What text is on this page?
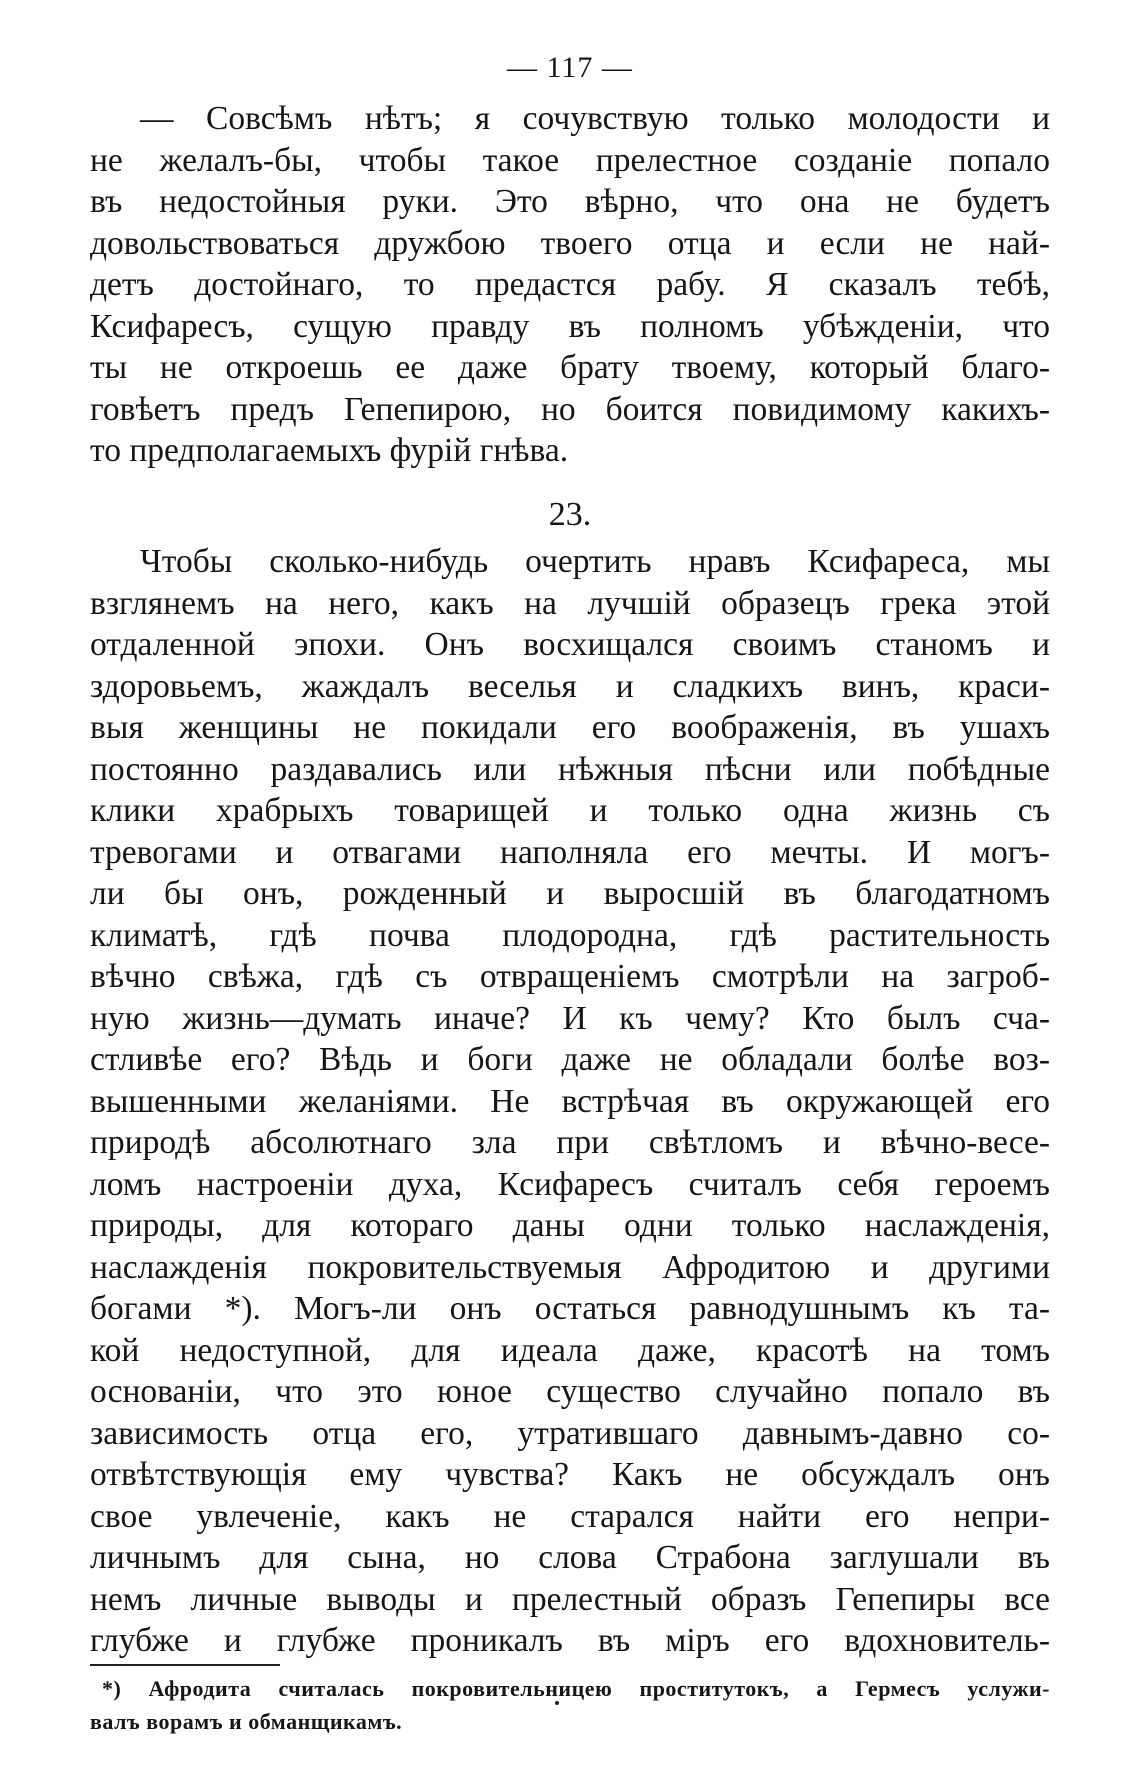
— 117 —
— Совсѣмъ нѣтъ; я сочувствую только молодости и
не желалъ-бы, чтобы такое прелестное созданіе попало
въ недостойныя руки. Это вѣрно, что она не будетъ
довольствоваться дружбою твоего отца и если не най-
детъ достойнаго, то предастся рабу. Я сказалъ тебѣ,
Ксифаресъ, сущую правду въ полномъ убѣжденіи, что
ты не откроешь ее даже брату твоему, который благо-
говѣетъ предъ Гепепирою, но боится повидимому какихъ-
то предполагаемыхъ фурій гнѣва.
23.
Чтобы сколько-нибудь очертить нравъ Ксифареса, мы
взглянемъ на него, какъ на лучшій образецъ грека этой
отдаленной эпохи. Онъ восхищался своимъ станомъ и
здоровьемъ, жаждалъ веселья и сладкихъ винъ, краси-
выя женщины не покидали его воображенія, въ ушахъ
постоянно раздавались или нѣжныя пѣсни или побѣдные
клики храбрыхъ товарищей и только одна жизнь съ
тревогами и отвагами наполняла его мечты. И могъ-
ли бы онъ, рожденный и выросшій въ благодатномъ
климатѣ, гдѣ почва плодородна, гдѣ растительность
вѣчно свѣжа, гдѣ съ отвращеніемъ смотрѣли на загроб-
ную жизнь—думать иначе? И къ чему? Кто былъ сча-
стливѣе его? Вѣдь и боги даже не обладали болѣе воз-
вышенными желаніями. Не встрѣчая въ окружающей его
природѣ абсолютнаго зла при свѣтломъ и вѣчно-весе-
ломъ настроеніи духа, Ксифаресъ считалъ себя героемъ
природы, для котораго даны одни только наслажденія,
наслажденія покровительствуемыя Афродитою и другими
богами *). Могъ-ли онъ остаться равнодушнымъ къ та-
кой недоступной, для идеала даже, красотѣ на томъ
основаніи, что это юное существо случайно попало въ
зависимость отца его, утратившаго давнымъ-давно со-
отвѣтствующія ему чувства? Какъ не обсуждалъ онъ
свое увлеченіе, какъ не старался найти его непри-
личнымъ для сына, но слова Страбона заглушали въ
немъ личные выводы и прелестный образъ Гепепиры все
глубже и глубже проникалъ въ міръ его вдохновитель-
*) Афродита считалась покровительницею проститутокъ, а Гермесъ услужи-
валъ ворамъ и обманщикамъ.
